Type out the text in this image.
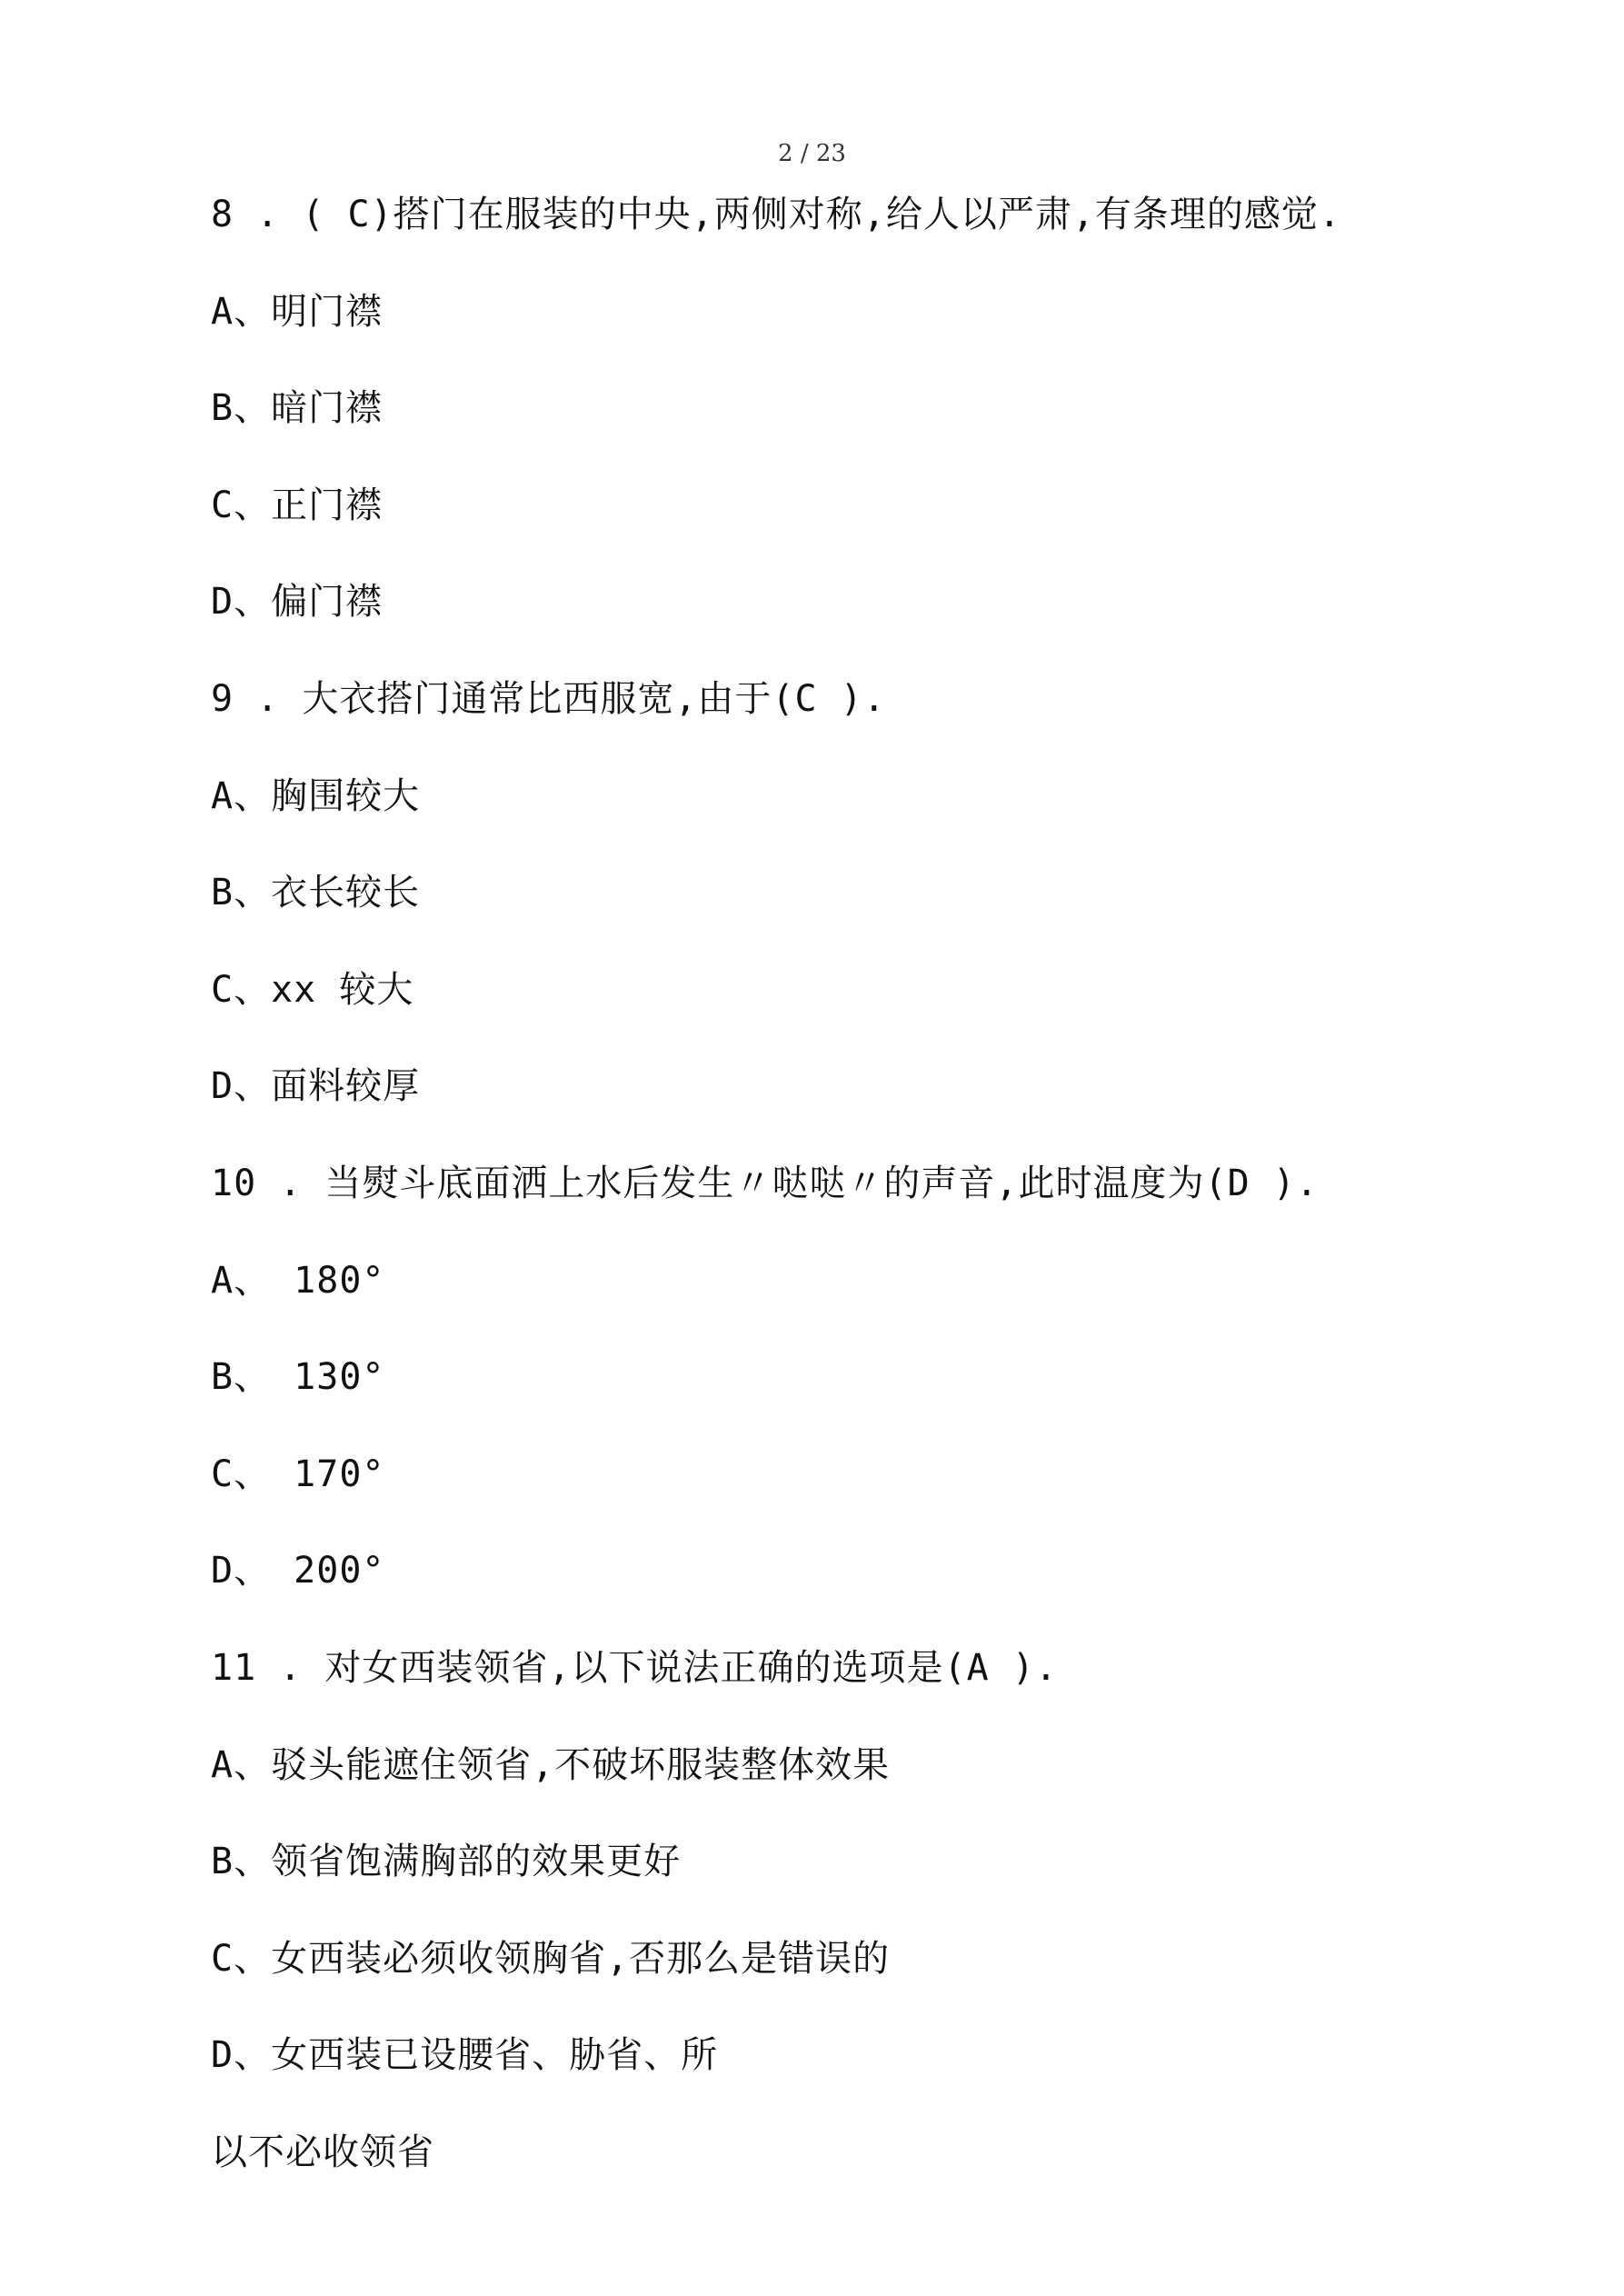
2 / 23
8 . ( C)搭门在服装的中央,两侧对称,给人以严肃,有条理的感觉.
A、明门襟
B、暗门襟
C、正门襟
D、偏门襟
9 . 大衣搭门通常比西服宽,由于(C ).
A、胸围较大
B、衣长较长
C、xx 较大
D、面料较厚
10 . 当熨斗底面洒上水后发生〃哒哒〃的声音,此时温度为(D ).
A、 180°
B、 130°
C、 170°
D、 200°
11 . 对女西装领省,以下说法正确的选项是(A ).
A、驳头能遮住领省,不破坏服装整体效果
B、领省饱满胸部的效果更好
C、女西装必须收领胸省,否那么是错误的
D、女西装已设腰省、胁省、所
以不必收领省
